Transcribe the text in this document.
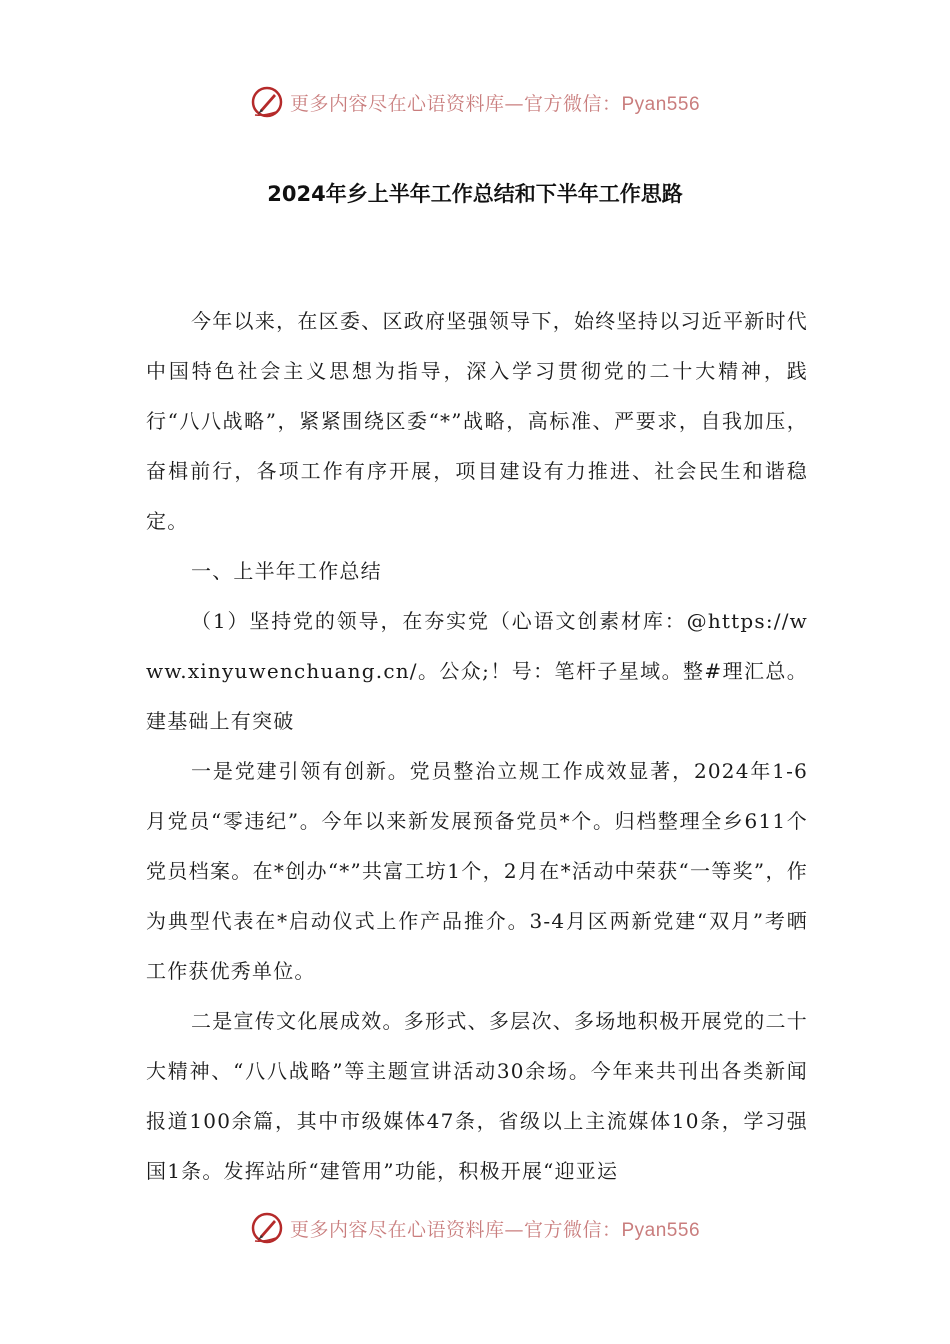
更多内容尽在心语资料库—官方微信：Pyan556
2024年乡上半年工作总结和下半年工作思路

今年以来，在区委、区政府坚强领导下，始终坚持以习近平新时代中国特色社会主义思想为指导，深入学习贯彻党的二十大精神，践行“八八战略”，紧紧围绕区委“*”战略，高标准、严要求，自我加压，奋楫前行，各项工作有序开展，项目建设有力推进、社会民生和谐稳定。

一、上半年工作总结

（1）坚持党的领导，在夯实党（心语文创素材库：@https://www.xinyuwenchuang.cn/。公众;！号：笔杆子星域。整#理汇总。建基础上有突破

一是党建引领有创新。党员整治立规工作成效显著，2024年1-6月党员“零违纪”。今年以来新发展预备党员*个。归档整理全乡611个党员档案。在*创办“*”共富工坊1个，2月在*活动中荣获“一等奖”，作为典型代表在*启动仪式上作产品推介。3-4月区两新党建“双月”考晒工作获优秀单位。

二是宣传文化展成效。多形式、多层次、多场地积极开展党的二十大精神、“八八战略”等主题宣讲活动30余场。今年来共刊出各类新闻报道100余篇，其中市级媒体47条，省级以上主流媒体10条，学习强国1条。发挥站所“建管用”功能，积极开展“迎亚运

更多内容尽在心语资料库—官方微信：Pyan556
